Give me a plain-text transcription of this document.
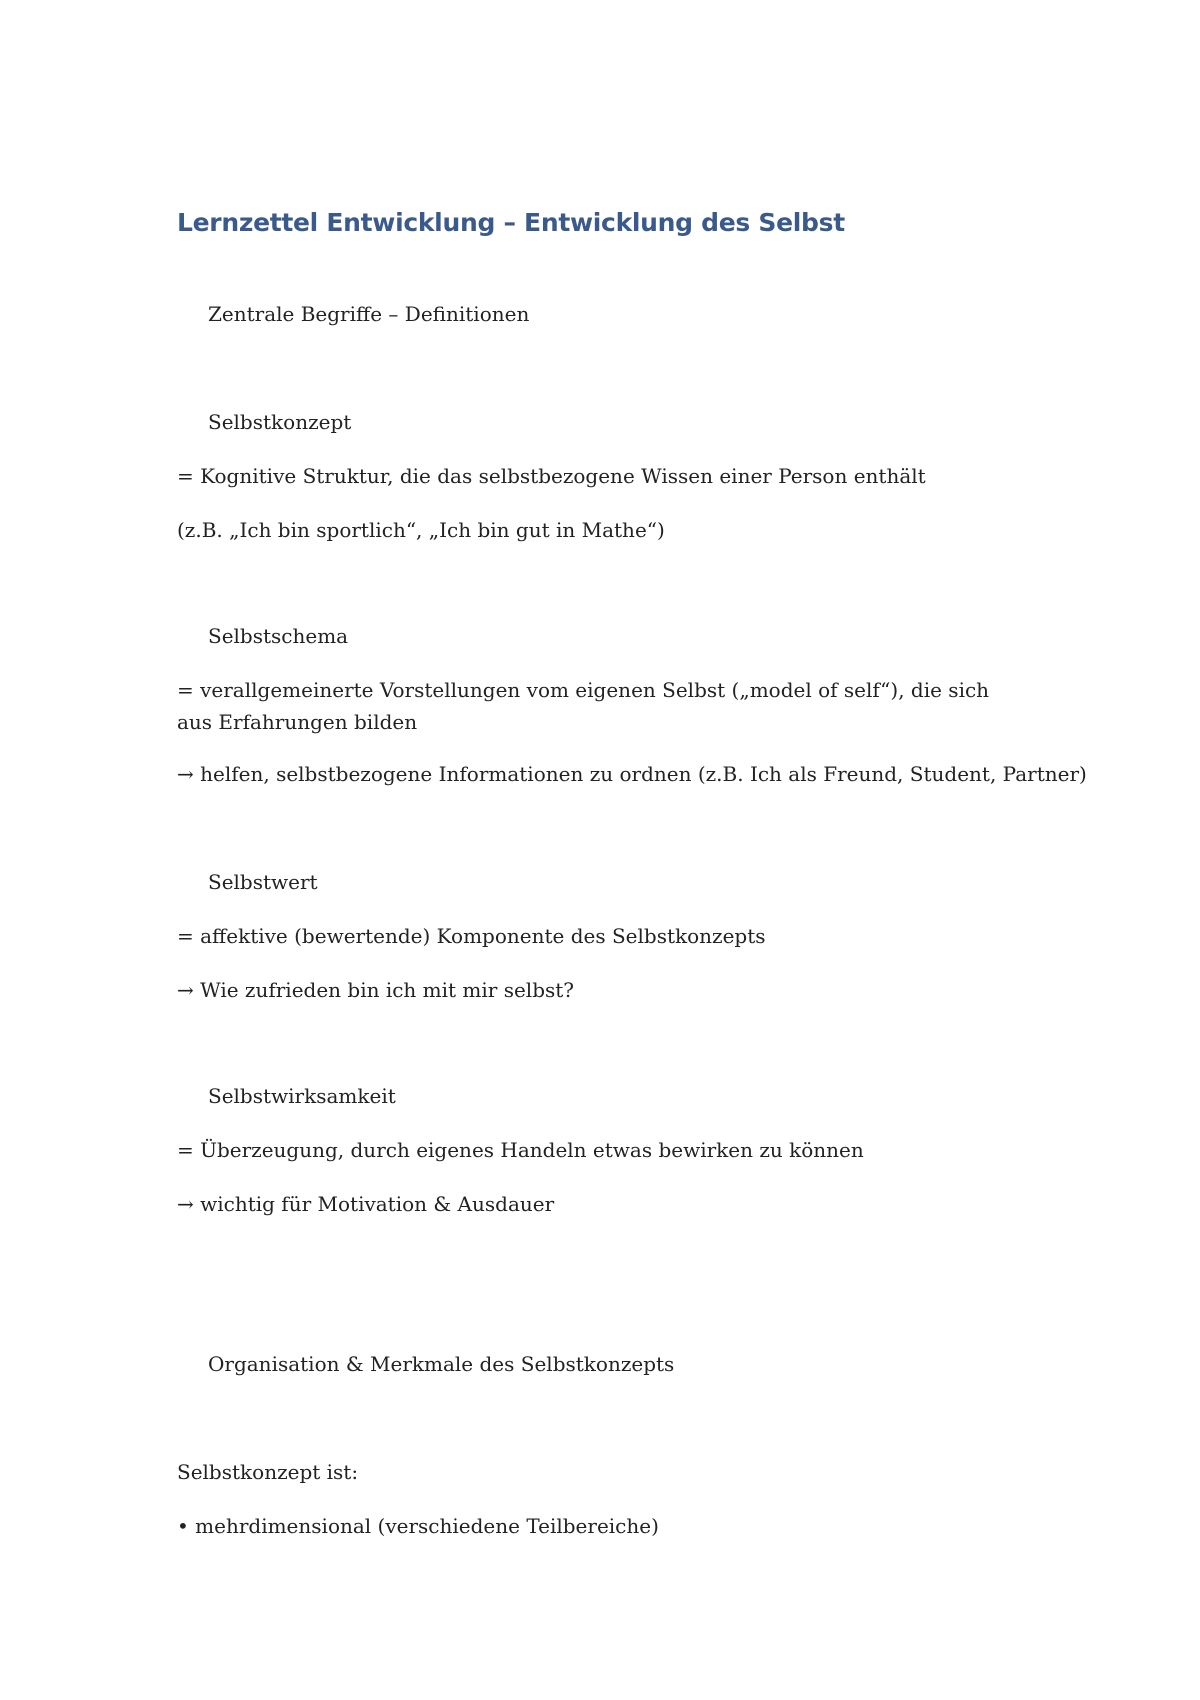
Lernzettel Entwicklung – Entwicklung des Selbst
Zentrale Begriffe – Definitionen
Selbstkonzept
= Kognitive Struktur, die das selbstbezogene Wissen einer Person enthält
(z.B. „Ich bin sportlich“, „Ich bin gut in Mathe“)
Selbstschema
= verallgemeinerte Vorstellungen vom eigenen Selbst („model of self“), die sich aus Erfahrungen bilden
→ helfen, selbstbezogene Informationen zu ordnen (z.B. Ich als Freund, Student, Partner)
Selbstwert
= affektive (bewertende) Komponente des Selbstkonzepts
→ Wie zufrieden bin ich mit mir selbst?
Selbstwirksamkeit
= Überzeugung, durch eigenes Handeln etwas bewirken zu können
→ wichtig für Motivation & Ausdauer
Organisation & Merkmale des Selbstkonzepts
Selbstkonzept ist:
• mehrdimensional (verschiedene Teilbereiche)
